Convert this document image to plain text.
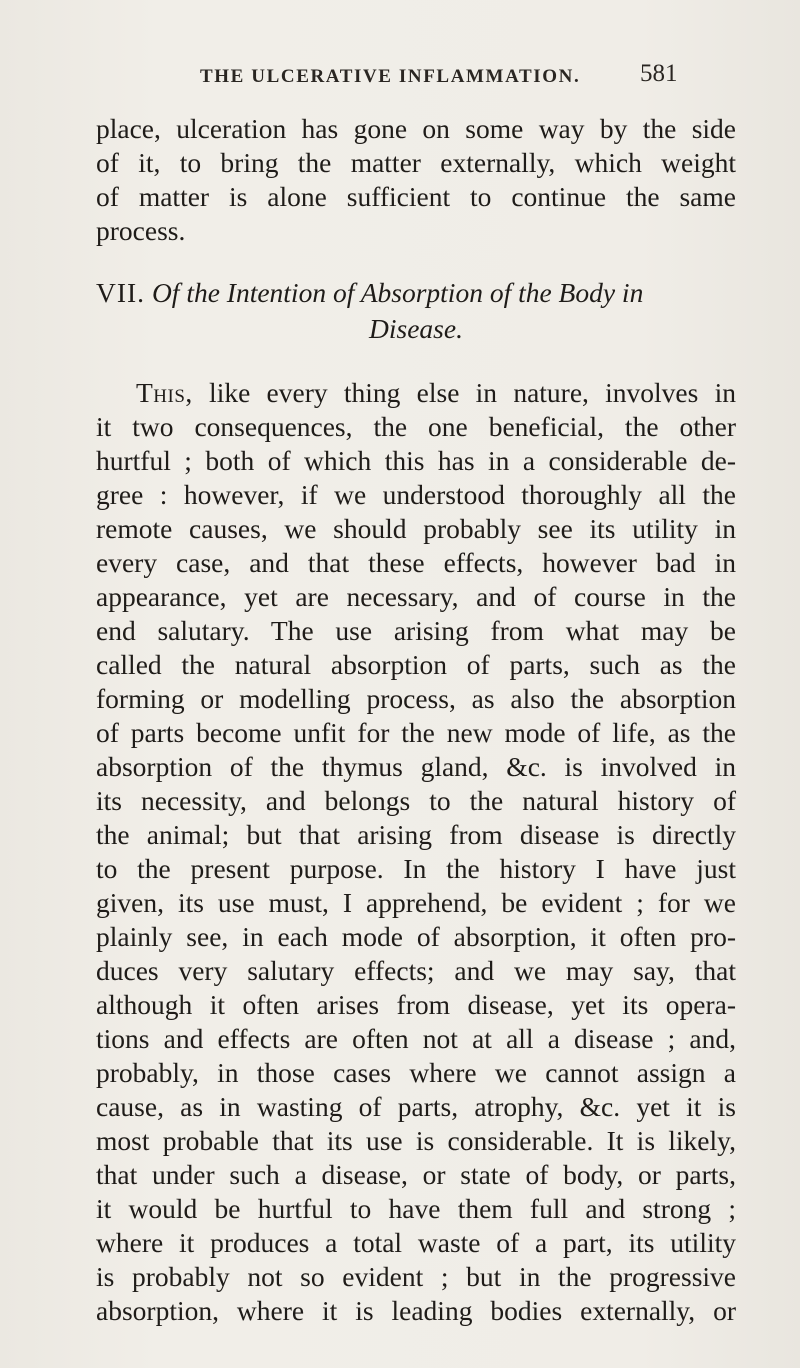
THE ULCERATIVE INFLAMMATION. 581
place, ulceration has gone on some way by the side
of it, to bring the matter externally, which weight
of matter is alone sufficient to continue the same
process.
VII. Of the Intention of Absorption of the Body in
Disease.
This, like every thing else in nature, involves in
it two consequences, the one beneficial, the other
hurtful ; both of which this has in a considerable de-
gree : however, if we understood thoroughly all the
remote causes, we should probably see its utility in
every case, and that these effects, however bad in
appearance, yet are necessary, and of course in the
end salutary. The use arising from what may be
called the natural absorption of parts, such as the
forming or modelling process, as also the absorption
of parts become unfit for the new mode of life, as the
absorption of the thymus gland, &c. is involved in
its necessity, and belongs to the natural history of
the animal; but that arising from disease is directly
to the present purpose. In the history I have just
given, its use must, I apprehend, be evident ; for we
plainly see, in each mode of absorption, it often pro-
duces very salutary effects; and we may say, that
although it often arises from disease, yet its opera-
tions and effects are often not at all a disease ; and,
probably, in those cases where we cannot assign a
cause, as in wasting of parts, atrophy, &c. yet it is
most probable that its use is considerable. It is likely,
that under such a disease, or state of body, or parts,
it would be hurtful to have them full and strong ;
where it produces a total waste of a part, its utility
is probably not so evident ; but in the progressive
absorption, where it is leading bodies externally, or
